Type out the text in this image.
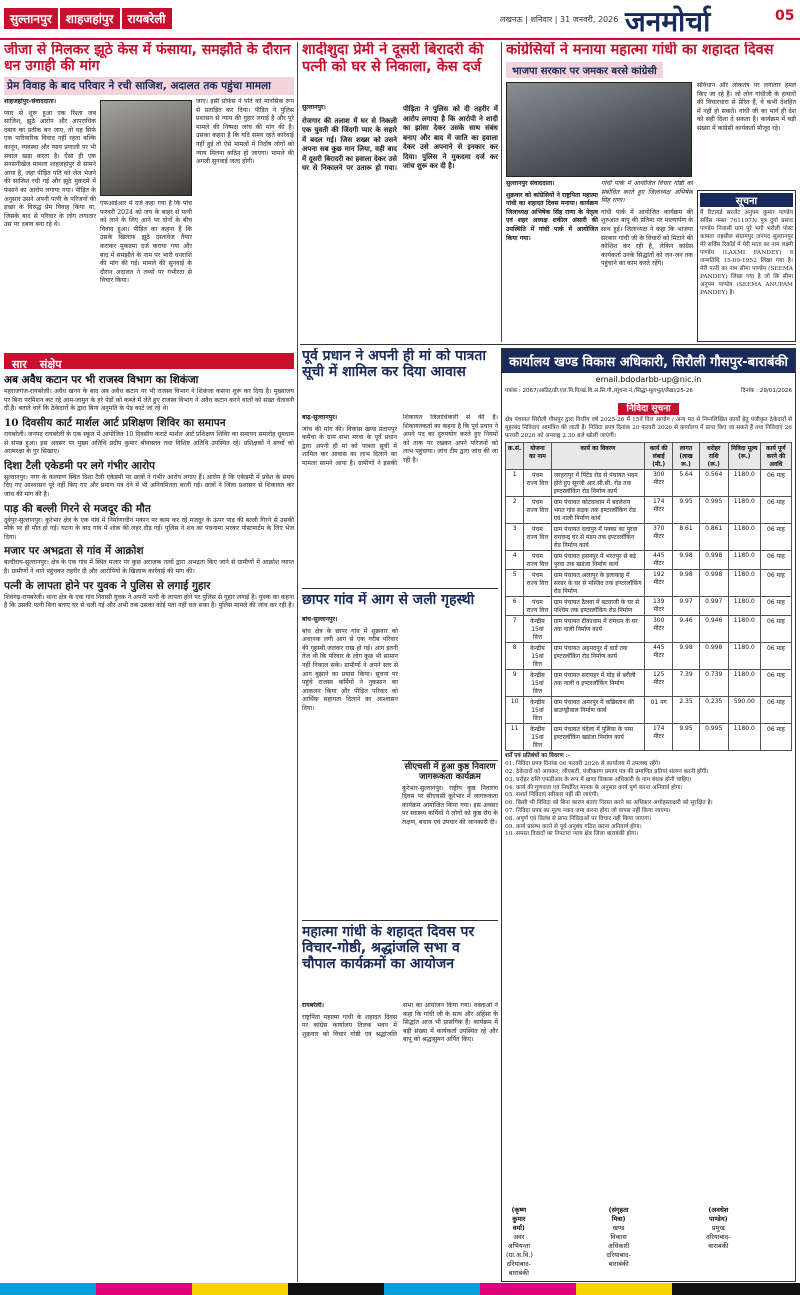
सुल्तानपुर शाहजहांपुर रायबरेली	लखनऊ | शनिवार | 31 जनवरी, 2026 जनमोर्चा	05
जीजा से मिलकर झूठे केस में फंसाया, समझौते के दौरान धन उगाही की मांग
प्रेम विवाह के बाद परिवार ने रची साजिश, अदालत तक पहुंचा मामला

शाहजहांपुर-संवाददाता।

प्यार से शुरू हुआ एक रिश्ता जब साजिश, झूठे आरोप और आपराधिक दबाव का प्रतीक बन जाए, तो यह सिर्फ एक पारिवारिक विवाद नहीं रहता बल्कि कानून, व्यवस्था और न्याय प्रणाली पर भी सवाल खड़ा करता है। ऐसा ही एक सनसनीखेज मामला शाहजहांपुर से सामने आया है, जहां पीड़ित पति को जेल भेजने की साजिश रची गई और झूठे मुकदमे में फंसाने का आरोप लगाया गया। पीड़ित के अनुसार उसने अपनी पत्नी के परिजनों की इच्छा के विरुद्ध प्रेम विवाह किया था, जिसके बाद से परिवार के लोग लगातार उस पर दबाव बना रहे थे।

एफआईआर में दर्ज कहा गया है कि पांच फरवरी 2024 को जय के बाहर से पत्नी को लाने के लिए आने पर दोनों के बीच विवाद हुआ। पीड़ित का कहना है कि उसके खिलाफ झूठे दस्तावेज तैयार कराकर मुकदमा दर्ज कराया गया और बाद में समझौते के नाम पर भारी धनराशि की मांग की गई। मामले की सुनवाई के दौरान अदालत ने तथ्यों पर गंभीरता से विचार किया।

जाए। इसी प्रोफेस ने पति को मानसिक रूप से प्रताड़ित कर दिया। पीड़ित ने पुलिस प्रशासन से न्याय की गुहार लगाई है और पूरे मामले की निष्पक्ष जांच की मांग की है। उसका कहना है कि यदि समय रहते कार्रवाई नहीं हुई तो ऐसे मामलों में निर्दोष लोगों को न्याय मिलना कठिन हो जाएगा। मामले की अगली सुनवाई जल्द होगी।

सार संक्षेप
अब अवैध कटान पर भी राजस्व विभाग का शिकंजा

महराजगंज-रायबरेली। अवैध खनन के बाद अब अवैध कटान पर भी राजस्व विभाग ने शिकंजा कसना शुरू कर दिया है। मुख्यालय पर बिना परमिशन कट रहे आम-जामुन के हरे पेड़ों को कब्जे में लेते हुए राजस्व विभाग ने अवैध कटान करने वालों को सख्त चेतावनी दी है। बताते चलें कि ठेकेदारों के द्वारा बिना अनुमति के पेड़ काटे जा रहे थे।

10 दिवसीय कार्ट मार्शल आर्ट प्रशिक्षण शिविर का समापन

रायबरेली। जनपद रायबरेली के एक स्कूल में आयोजित 10 दिवसीय कराटे मार्शल आर्ट प्रशिक्षण शिविर का समापन समारोह धूमधाम से संपन्न हुआ। इस अवसर पर मुख्य अतिथि प्रदीप कुमार श्रीवास्तव तथा विशिष्ट अतिथि उपस्थित रहे। प्रशिक्षकों ने बच्चों को आत्मरक्षा के गुर सिखाए।

दिशा टैली एकेडमी पर लगे गंभीर आरोप

सुल्तानपुर। नगर के कल्याण स्थित दिशा टैली एकेडमी पर छात्रों ने गंभीर आरोप लगाए हैं। आरोप है कि एकेडमी में प्रवेश के समय दिए गए आश्वासन पूरे नहीं किए गए और प्रमाण पत्र देने में भी अनियमितता बरती गई। छात्रों ने जिला प्रशासन से शिकायत कर जांच की मांग की है।

पाड़ की बल्ली गिरने से मजदूर की मौत

दूबेपुर-सुल्तानपुर। कूरेभार क्षेत्र के एक गांव में निर्माणाधीन मकान पर काम कर रहे मजदूर के ऊपर पाड़ की बल्ली गिरने से उसकी मौके पर ही मौत हो गई। घटना के बाद गांव में शोक की लहर दौड़ गई। पुलिस ने शव का पंचनामा भरकर पोस्टमार्टम के लिए भेज दिया।

मजार पर अभद्रता से गांव में आक्रोश

बल्दीराय-सुल्तानपुर। क्षेत्र के एक गांव में स्थित मजार पर कुछ अराजक तत्वों द्वारा अभद्रता किए जाने से ग्रामीणों में आक्रोश व्याप्त है। ग्रामीणों ने थाने पहुंचकर तहरीर दी और आरोपियों के खिलाफ कार्रवाई की मांग की।

पत्नी के लापता होने पर युवक ने पुलिस से लगाई गुहार

शिवगढ़-रायबरेली। थाना क्षेत्र के एक गांव निवासी युवक ने अपनी पत्नी के लापता होने पर पुलिस से गुहार लगाई है। युवक का कहना है कि उसकी पत्नी बिना बताए घर से चली गई और अभी तक उसका कोई पता नहीं चल सका है। पुलिस मामले की जांच कर रही है।

शादीशुदा प्रेमी ने दूसरी बिरादरी की पत्नी को घर से निकाला, केस दर्ज

सुल्तानपुर।

रोजगार की तलाश में घर से निकली एक युवती की जिंदगी प्यार के सहारे में बदल गई। जिस शख्स को उसने अपना सब कुछ मान लिया, वही बाद में दूसरी बिरादरी का हवाला देकर उसे घर से निकालने पर उतारू हो गया। पीड़िता ने पुलिस को दी तहरीर में आरोप लगाया है कि आरोपी ने शादी का झांसा देकर उसके साथ संबंध बनाए और बाद में जाति का हवाला देकर उसे अपनाने से इनकार कर दिया। पुलिस ने मुकदमा दर्ज कर जांच शुरू कर दी है।

कांग्रेसियों ने मनाया महात्मा गांधी का शहादत दिवस
भाजपा सरकार पर जमकर बरसे कांग्रेसी

सुल्तानपुर संवाददाता।

शुक्रवार को कांग्रेसियों ने राष्ट्रपिता महात्मा गांधी का शहादत दिवस मनाया। कार्यक्रम जिलाध्यक्ष अभिषेक सिंह राणा के नेतृत्व एवं शहर अध्यक्ष शकील अंसारी की उपस्थिति में गांधी पार्क में आयोजित किया गया।

गांधी पार्क में आयोजित विचार गोष्ठी को संबोधित करते हुए जिलाध्यक्ष अभिषेक सिंह राणा।

गांधी पार्क में आयोजित कार्यक्रम की शुरुआत बापू की प्रतिमा पर माल्यार्पण के साथ हुई। जिलाध्यक्ष ने कहा कि भाजपा सरकार गांधी जी के विचारों को मिटाने की कोशिश कर रही है, लेकिन कांग्रेस कार्यकर्ता उनके सिद्धांतों को जन-जन तक पहुंचाने का काम करते रहेंगे।

संविधान और लोकतंत्र पर लगातार हमले किए जा रहे हैं। जो लोग गांधीजी के हत्यारों की विचारधारा से प्रेरित हैं, वे कभी देशहित में नहीं हो सकते। गांधी जी का मार्ग ही देश को सही दिशा दे सकता है। कार्यक्रम में बड़ी संख्या में कांग्रेसी कार्यकर्ता मौजूद रहे।

सूचना
मैं रिटायर्ड सरजेंट अनुपम कुमार पाण्डेय सर्विस नम्बर 761197N पुत्र दुर्गा प्रसाद पाण्डेय निवासी ग्राम पूरे भगौ भरौली पोस्ट कामता तहसील संग्रामपुर जनपद सुल्तानपुर मेरे सर्विस रिकॉर्ड में मेरी माता का नाम लक्ष्मी पाण्डेय (LAXMI PANDEY) व जन्मतिथि 15-09-1952 लिखा गया है। मेरी पत्नी का नाम सीमा पाण्डेय (SEEMA PANDEY) लिखा गया है जो कि सीमा अनुपम पाण्डेय (SEEMA ANUPAM PANDEY) है।
पूर्व प्रधान ने अपनी ही मां को पात्रता सूची में शामिल कर दिया आवास

बाढ़-सुल्तानपुर।

जांच की मांग की। विकास खण्ड प्रतापपुर कमैचा के ग्राम सभा मरवा के पूर्व प्रधान द्वारा अपनी ही मां को पात्रता सूची में शामिल कर आवास का लाभ दिलाने का मामला सामने आया है। ग्रामीणों ने इसकी शिकायत जिलाधिकारी से की है। शिकायतकर्ता का कहना है कि पूर्व प्रधान ने अपने पद का दुरुपयोग करते हुए नियमों को ताक पर रखकर अपने परिजनों को लाभ पहुंचाया। जांच टीम द्वारा जांच की जा रही है।

छापर गांव में आग से जली गृहस्थी

बांध-सुल्तानपुर।

बांध क्षेत्र के छापर गांव में शुक्रवार को अचानक लगी आग से एक गरीब परिवार की गृहस्थी जलकर राख हो गई। आग इतनी तेज थी कि परिवार के लोग कुछ भी सामान नहीं निकाल सके। ग्रामीणों ने अपने स्तर से आग बुझाने का प्रयास किया। सूचना पर पहुंचे राजस्व कर्मियों ने नुकसान का आकलन किया और पीड़ित परिवार को आर्थिक सहायता दिलाने का आश्वासन दिया।

सीएचसी में हुआ कुष्ठ निवारण जागरूकता कार्यक्रम

कूरेभार-सुल्तानपुर। राष्ट्रीय कुष्ठ निवारण दिवस पर सीएचसी कूरेभार में जागरूकता कार्यक्रम आयोजित किया गया। इस अवसर पर स्वास्थ्य कर्मियों ने लोगों को कुष्ठ रोग के लक्षण, बचाव एवं उपचार की जानकारी दी।

महात्मा गांधी के शहादत दिवस पर विचार-गोष्ठी, श्रद्धांजलि सभा व चौपाल कार्यक्रमों का आयोजन

रायबरेली।

राष्ट्रपिता महात्मा गांधी के शहादत दिवस पर कांग्रेस कार्यालय तिलक भवन में शुक्रवार को विचार गोष्ठी एवं श्रद्धांजलि सभा का आयोजन किया गया। वक्ताओं ने कहा कि गांधी जी के सत्य और अहिंसा के सिद्धांत आज भी प्रासंगिक हैं। कार्यक्रम में बड़ी संख्या में कार्यकर्ता उपस्थित रहे और बापू को श्रद्धासुमन अर्पित किए।

कार्यालय खण्ड विकास अधिकारी, सिरौली गौसपुर-बाराबंकी
email.bdodarbb-up@nic.in
पत्रांक : 2067/आडिट/डी.एल.पि.पि/खं.वि.अ.सि.गौ./सूचना नं./सिद्धा-मूलभूत/लेखा/25-26	दिनांक : 29/01/2026
निविदा सूचना
क्षेत्र पंचायत सिरौली गौसपुर द्वारा वित्तीय वर्ष 2025-26 में 15वें वित्त आयोग / अन्य मद से निम्नलिखित कार्यों हेतु पंजीकृत ठेकेदारों से मुहरबंद निविदाएं आमंत्रित की जाती हैं। निविदा प्रपत्र दिनांक 20 फरवरी 2026 से कार्यालय में प्राप्त किए जा सकते हैं तथा निविदाएं 26 फरवरी 2026 को अपराह्न 2.30 बजे खोली जाएंगी।
क्र.सं.	योजना का नाम	कार्य का विवरण	कार्य की लंबाई (मी.)	लागत (लाख रू.)	धरोहर राशि (रू.)	निविदा मूल्य (रू.)	कार्य पूर्ण करने की अवधि
1	पंचम राज्य वित्त	जरहरापुर में पिंटेड रोड से पंचायत भवन होते हुए सूरजी आर.सी.सी. रोड तक इण्टरलॉकिंग रोड निर्माण कार्य	300 मीटर	5.64	0.564	1180.0	06 माह
2	पंचम राज्य वित्त	ग्राम पंचायत कोटवाधाम में बदलेराय भगत गांव सड़क तक इण्टरलॉकिंग रोड एवं नाली निर्माण कार्य	174 मीटर	9.95	0.995	1180.0	06 माह
3	पंचम राज्य वित्त	ग्राम पंचायत दलापुर में पक्का का पुरवा रामचन्द्र घर से मंडप तक इण्टरलॉकिंग रोड निर्माण कार्य	370 मीटर	8.61	0.861	1180.0	06 माह
4	पंचम राज्य वित्त	ग्राम पंचायत हसनपुर में भरतपुर से बड़े पुरवा तक खडंजा निर्माण कार्य	445 मीटर	9.98	0.998	1180.0	06 माह
5	पंचम राज्य वित्त	ग्राम पंचायत अलापुर के इलाकाह में सरवर के घर से मस्जिद तक इण्टरलॉकिंग रोड निर्माण	192 मीटर	9.98	0.998	1180.0	06 माह
6	पंचम राज्य वित्त	ग्राम पंचायत ठैलवा में बटवाजी के घर से पश्चिम तक इण्टरलॉकिंग रोड निर्माण	139 मीटर	9.97	0.997	1180.0	06 माह
7	केन्द्रीय 15वां वित्त	ग्राम पंचायत टीकाधाम में रामधन के घर तक नाली निर्माण कार्य	300 मीटर	9.46	0.946	1180.0	06 माह
8	केन्द्रीय 15वां वित्त	ग्राम पंचायत अहमदपुर में वार्ड तक इण्टरलॉकिंग रोड निर्माण कार्य	445 मीटर	9.98	0.998	1180.0	06 माह
9	केन्द्रीय 15वां वित्त	ग्राम पंचायत सरायहर में मोड़ से बरौली तक नाली व इण्टरलॉकिंग निर्माण	125 मीटर	7.39	0.739	1180.0	06 माह
10	केन्द्रीय 15वां वित्त	ग्राम पंचायत अमरपुर में कब्रिस्तान की बाउण्ड्रीवाल निर्माण कार्य	01 नग	2.35	0.235	590.00	06 माह
11	केन्द्रीय 15वां वित्त	ग्राम पंचायत चंदेला में पुलिया के पास इण्टरलॉकिंग खडंजा निर्माण कार्य	174 मीटर	9.95	0.995	1180.0	06 माह
शर्तें एवं प्रतिबंधों का विवरण :-
01. निविदा प्रपत्र दिनांक 06 फरवरी 2026 से कार्यालय में उपलब्ध रहेंगे।
02. ठेकेदारों को आयकर, जीएसटी, पंजीकरण प्रमाण पत्र की प्रमाणित प्रतियां संलग्न करनी होंगी।
03. धरोहर राशि एफडीआर के रूप में खण्ड विकास अधिकारी के नाम बंधक होनी चाहिए।
04. कार्य की गुणवत्ता एवं निर्धारित मानक के अनुसार कार्य पूर्ण करना अनिवार्य होगा।
05. सशर्त निविदाएं स्वीकार नहीं की जाएंगी।
06. किसी भी निविदा को बिना कारण बताए निरस्त करने का अधिकार अधोहस्ताक्षरी को सुरक्षित है।
07. निविदा प्रपत्र का मूल्य नकद जमा करना होगा जो वापस नहीं किया जाएगा।
08. अपूर्ण एवं विलंब से प्राप्त निविदाओं पर विचार नहीं किया जाएगा।
09. कार्य प्रारम्भ करने से पूर्व अनुबंध गठित करना अनिवार्य होगा।
10. समस्त विवादों का निपटारा न्याय क्षेत्र जिला बाराबंकी होगा।
(कृष्ण कुमार वर्मा)
अवर अभियन्ता (ग्रा.अ.वि.)
दरियाबाद-बाराबंकी
(संगृहता मित्रा)
खण्ड विकास अधिकारी
दरियाबाद-बाराबंकी
(अवधेश पाण्डेय)
प्रमुख
दरियाबाद-बाराबंकी
